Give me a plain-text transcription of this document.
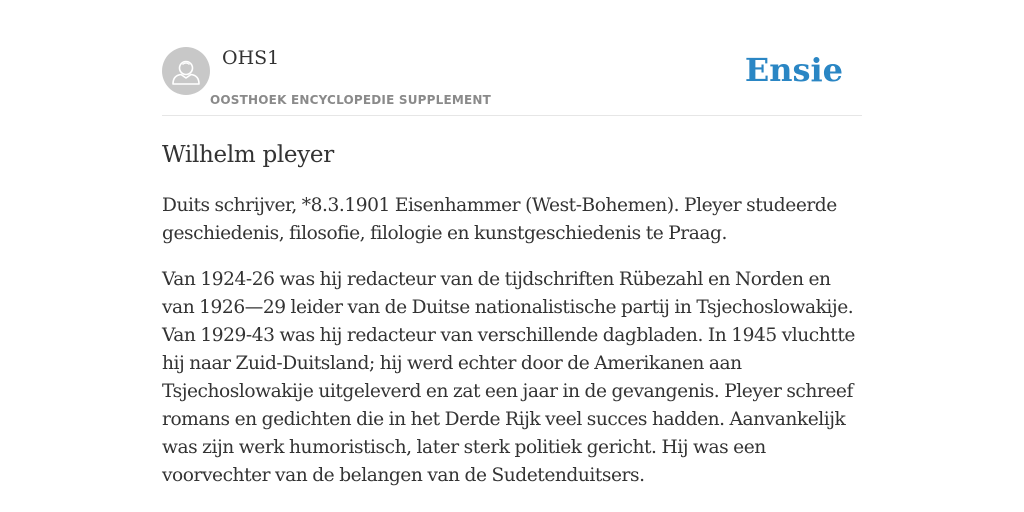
OHS1
OOSTHOEK ENCYCLOPEDIE SUPPLEMENT
Ensie
Wilhelm pleyer

Duits schrijver, *8.3.1901 Eisenhammer (West-Bohemen). Pleyer studeerde geschiedenis, filosofie, filologie en kunstgeschiedenis te Praag.

Van 1924-26 was hij redacteur van de tijdschriften Rübezahl en Norden en van 1926—29 leider van de Duitse nationalistische partij in Tsjechoslowakije. Van 1929-43 was hij redacteur van verschillende dagbladen. In 1945 vluchtte hij naar Zuid-Duitsland; hij werd echter door de Amerikanen aan Tsjechoslowakije uitgeleverd en zat een jaar in de gevangenis. Pleyer schreef romans en gedichten die in het Derde Rijk veel succes hadden. Aanvankelijk was zijn werk humoristisch, later sterk politiek gericht. Hij was een voorvechter van de belangen van de Sudetenduitsers.
